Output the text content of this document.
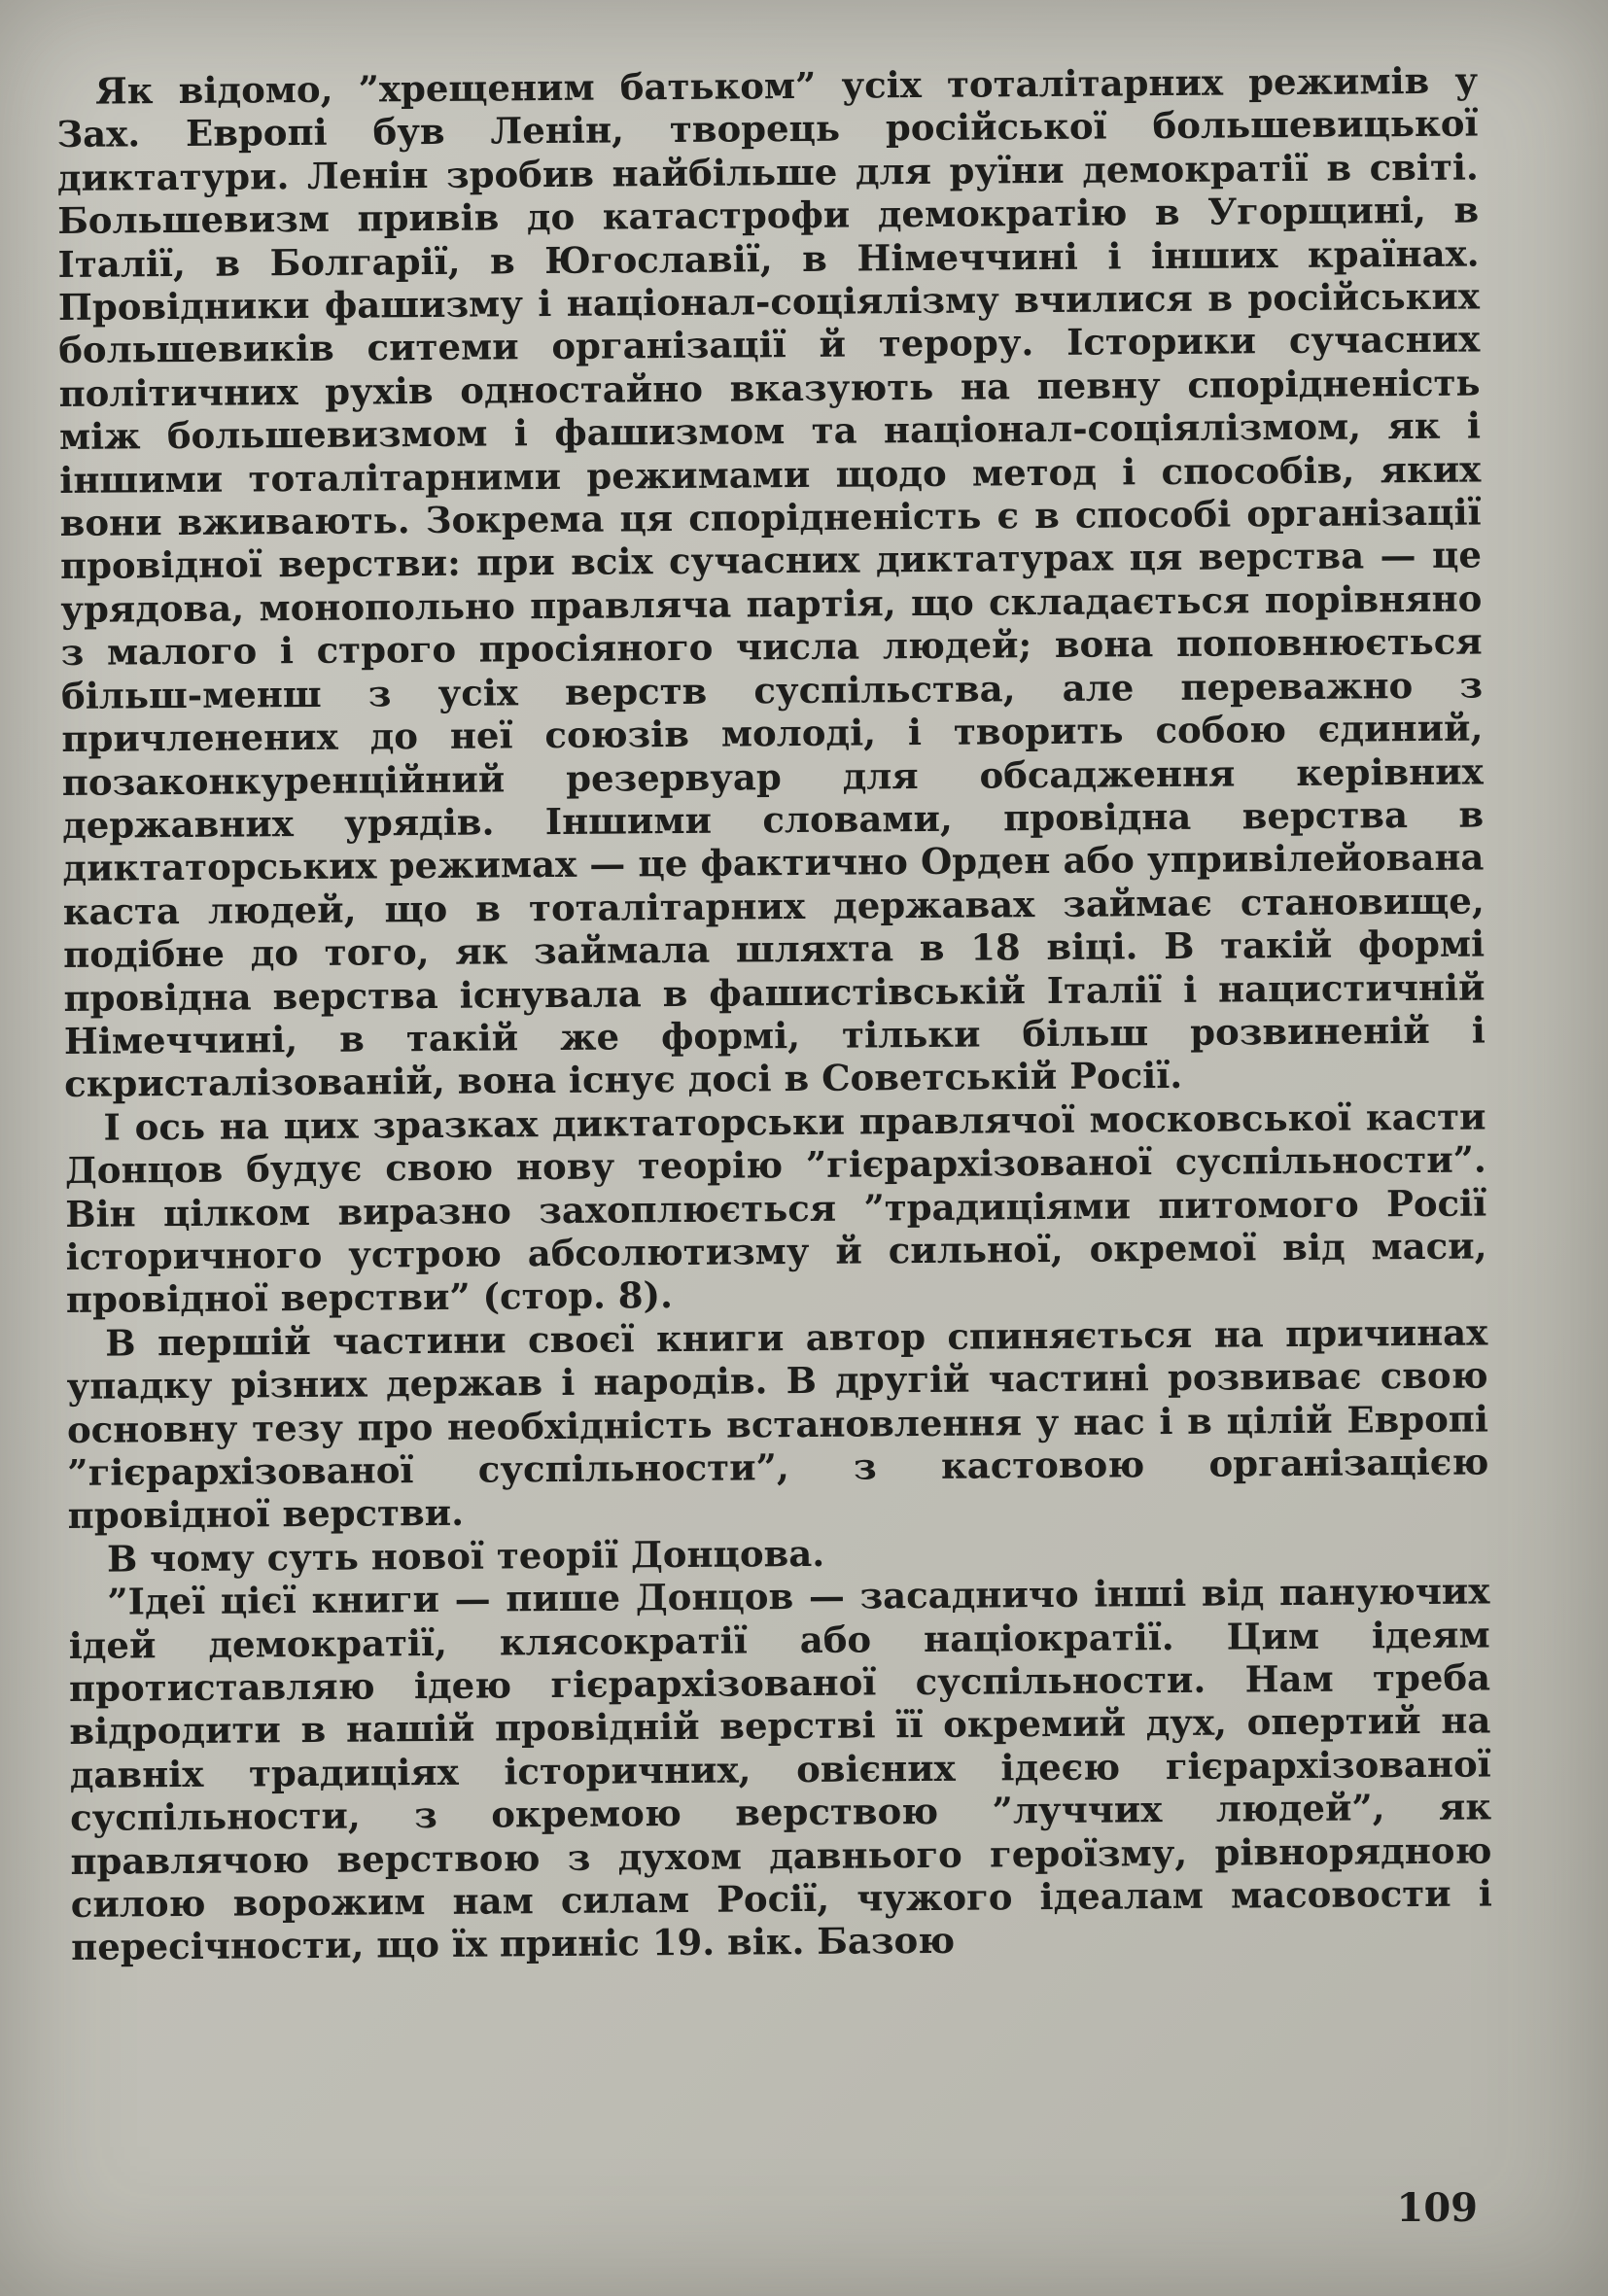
Як відомо, ”хрещеним батьком” усіх тоталітарних режимів у Зах. Европі був Ленін, творець російської большевицької диктатури. Ленін зробив найбільше для руїни демократії в світі. Большевизм привів до катастрофи демократію в Угорщині, в Італії, в Болгарії, в Югославії, в Німеччині і інших країнах. Провідники фашизму і націонал-соціялізму вчилися в російських большевиків ситеми організації й терору. Історики сучасних політичних рухів одностайно вказують на певну спорідненість між большевизмом і фашизмом та націонал-соціялізмом, як і іншими тоталітарними режимами щодо метод і способів, яких вони вживають. Зокрема ця спорідненість є в способі організації провідної верстви: при всіх сучасних диктатурах ця верства — це урядова, монопольно правляча партія, що складається порівняно з малого і строго просіяного числа людей; вона поповнюється більш-менш з усіх верств суспільства, але переважно з причленених до неї союзів молоді, і творить собою єдиний, позаконкуренційний резервуар для обсадження керівних державних урядів. Іншими словами, провідна верства в диктаторських режимах — це фактично Орден або упривілейована каста людей, що в тоталітарних державах займає становище, подібне до того, як займала шляхта в 18 віці. В такій формі провідна верства існувала в фашистівській Італії і нацистичній Німеччині, в такій же формі, тільки більш розвиненій і скристалізованій, вона існує досі в Советській Росії.

І ось на цих зразках диктаторськи правлячої московської касти Донцов будує свою нову теорію ”гієрархізованої суспільности”. Він цілком виразно захоплюється ”традиціями питомого Росії історичного устрою абсолютизму й сильної, окремої від маси, провідної верстви” (стор. 8).

В першій частини своєї книги автор спиняється на причинах упадку різних держав і народів. В другій частині розвиває свою основну тезу про необхідність встановлення у нас і в цілій Европі ”гієрархізованої суспільности”, з кастовою організацією провідної верстви.

В чому суть нової теорії Донцова.

”Ідеї цієї книги — пише Донцов — засадничо інші від пануючих ідей демократії, клясократії або націократії. Цим ідеям протиставляю ідею гієрархізованої суспільности. Нам треба відродити в нашій провідній верстві її окремий дух, опертий на давніх традиціях історичних, овієних ідеєю гієрархізованої суспільности, з окремою верствою ”луччих людей”, як правлячою верствою з духом давнього героїзму, рівнорядною силою ворожим нам силам Росії, чужого ідеалам масовости і пересічности, що їх приніс 19. вік. Базою

109
